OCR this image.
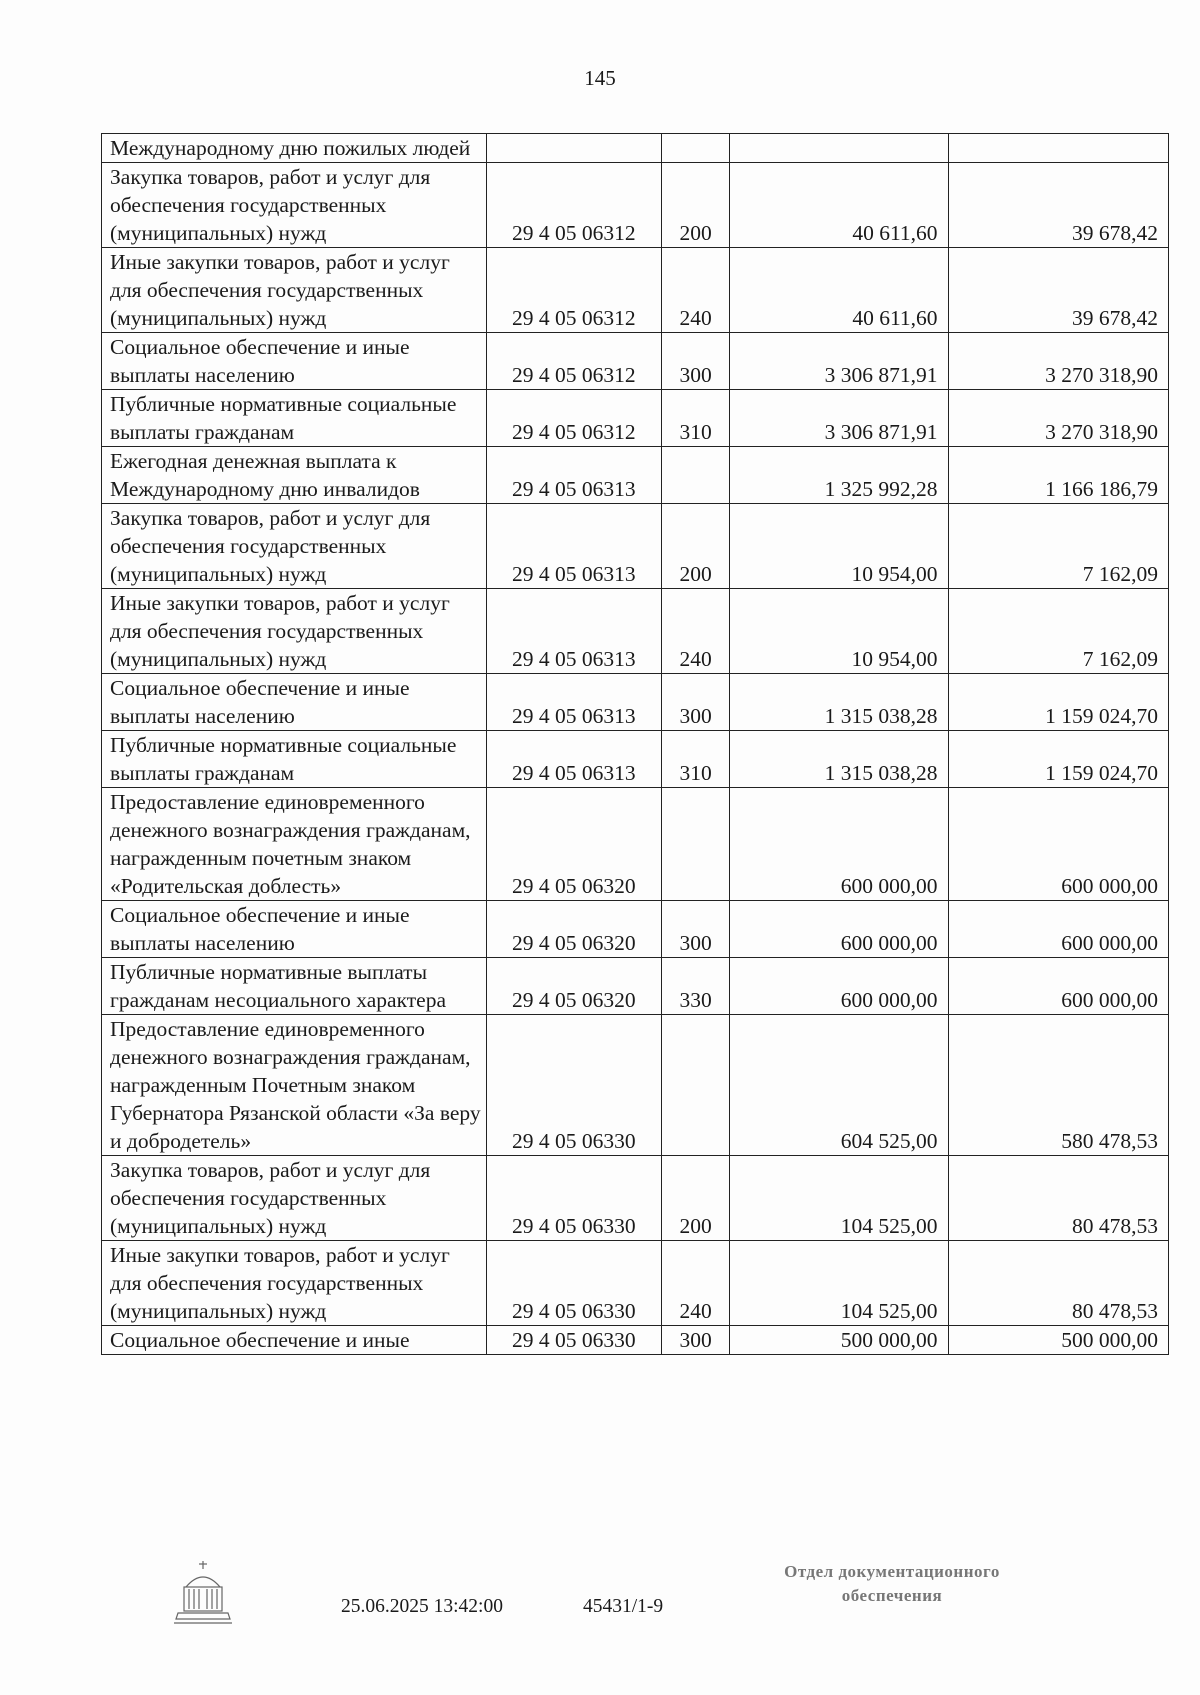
145
Международному дню пожилых людей				
Закупка товаров, работ и услуг для обеспечения государственных (муниципальных) нужд	29 4 05 06312	200	40 611,60	39 678,42
Иные закупки товаров, работ и услуг для обеспечения государственных (муниципальных) нужд	29 4 05 06312	240	40 611,60	39 678,42
Социальное обеспечение и иные выплаты населению	29 4 05 06312	300	3 306 871,91	3 270 318,90
Публичные нормативные социальные выплаты гражданам	29 4 05 06312	310	3 306 871,91	3 270 318,90
Ежегодная денежная выплата к Международному дню инвалидов	29 4 05 06313		1 325 992,28	1 166 186,79
Закупка товаров, работ и услуг для обеспечения государственных (муниципальных) нужд	29 4 05 06313	200	10 954,00	7 162,09
Иные закупки товаров, работ и услуг для обеспечения государственных (муниципальных) нужд	29 4 05 06313	240	10 954,00	7 162,09
Социальное обеспечение и иные выплаты населению	29 4 05 06313	300	1 315 038,28	1 159 024,70
Публичные нормативные социальные выплаты гражданам	29 4 05 06313	310	1 315 038,28	1 159 024,70
Предоставление единовременного денежного вознаграждения гражданам, награжденным почетным знаком «Родительская доблесть»	29 4 05 06320		600 000,00	600 000,00
Социальное обеспечение и иные выплаты населению	29 4 05 06320	300	600 000,00	600 000,00
Публичные нормативные выплаты гражданам несоциального характера	29 4 05 06320	330	600 000,00	600 000,00
Предоставление единовременного денежного вознаграждения гражданам, награжденным Почетным знаком Губернатора Рязанской области «За веру и добродетель»	29 4 05 06330		604 525,00	580 478,53
Закупка товаров, работ и услуг для обеспечения государственных (муниципальных) нужд	29 4 05 06330	200	104 525,00	80 478,53
Иные закупки товаров, работ и услуг для обеспечения государственных (муниципальных) нужд	29 4 05 06330	240	104 525,00	80 478,53
Социальное обеспечение и иные	29 4 05 06330	300	500 000,00	500 000,00
25.06.2025 13:42:00	45431/1-9
Отдел документационного
обеспечения
